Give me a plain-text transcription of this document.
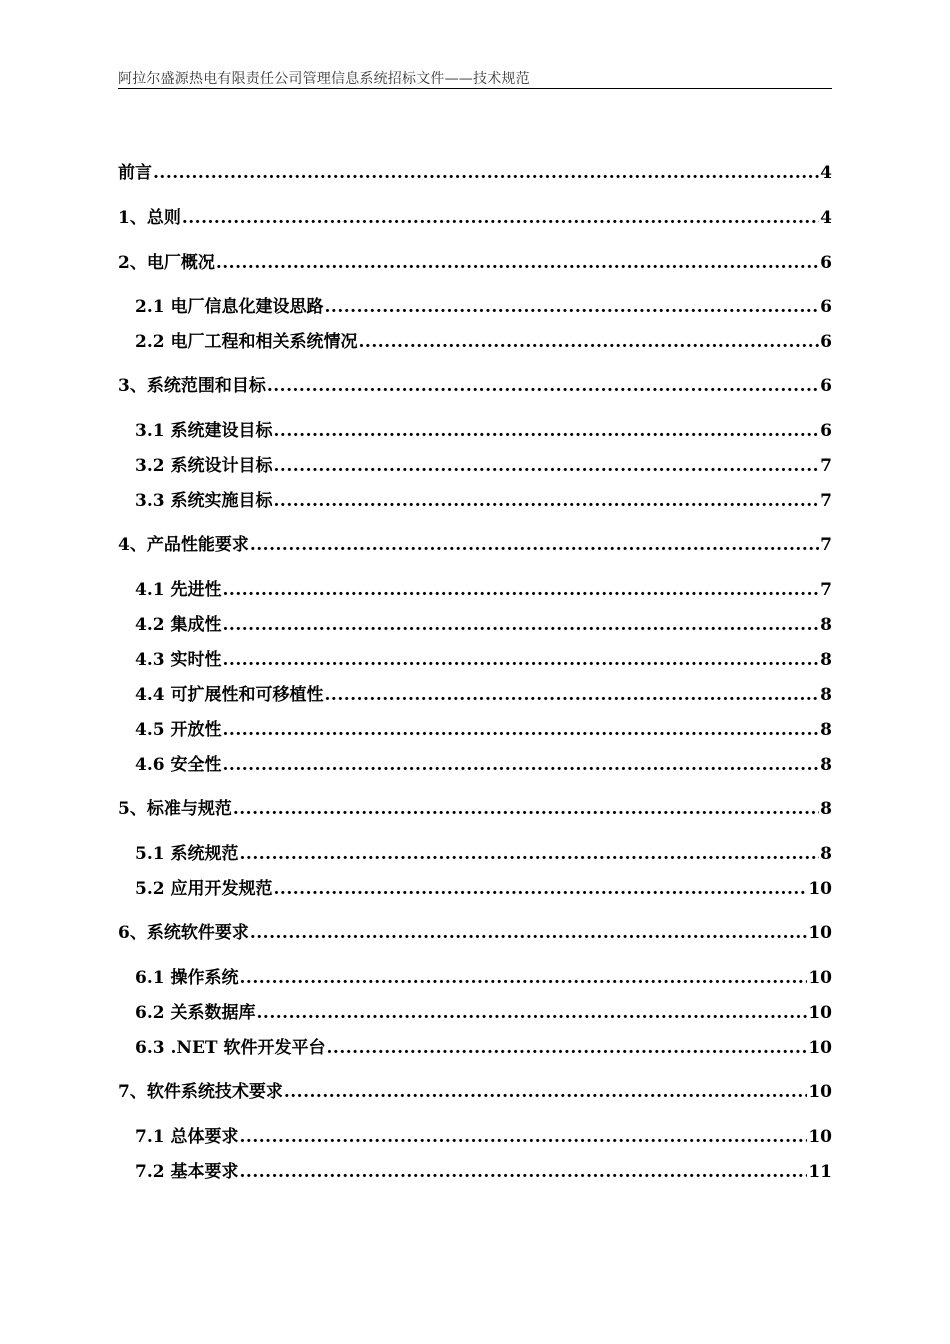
阿拉尔盛源热电有限责任公司管理信息系统招标文件——技术规范
前言 .....	4
1、总则 .....	4
2、电厂概况 .....	6
2.1 电厂信息化建设思路 .....	6
2.2 电厂工程和相关系统情况 .....	6
3、系统范围和目标 .....	6
3.1 系统建设目标 .....	6
3.2 系统设计目标 .....	7
3.3 系统实施目标 .....	7
4、产品性能要求 .....	7
4.1 先进性 .....	7
4.2 集成性 .....	8
4.3 实时性 .....	8
4.4 可扩展性和可移植性 .....	8
4.5 开放性 .....	8
4.6 安全性 .....	8
5、标准与规范 .....	8
5.1 系统规范 .....	8
5.2 应用开发规范 .....	10
6、系统软件要求 .....	10
6.1 操作系统 .....	10
6.2 关系数据库 .....	10
6.3 .NET 软件开发平台 .....	10
7、软件系统技术要求 .....	10
7.1 总体要求 .....	10
7.2 基本要求 .....	11
